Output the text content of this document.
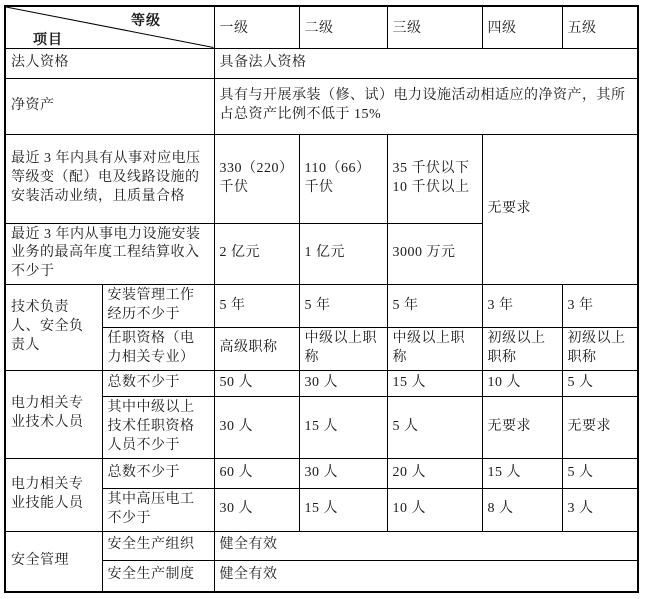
等级
项目		一级	二级	三级	四级	五级
法人资格		具备法人资格				
净资产		具有与开展承装（修、试）电力设施活动相适应的净资产，其所占总资产比例不低于 15%				
最近 3 年内具有从事对应电压等级变（配）电及线路设施的安装活动业绩，且质量合格		330（220）千伏	110（66）千伏	35 千伏以下 10 千伏以上	无要求	
最近 3 年内从事电力设施安装业务的最高年度工程结算收入不少于		2 亿元	1 亿元	3000 万元		
技术负责人、安全负责人	安装管理工作经历不少于	5 年	5 年	5 年	3 年	3 年
	任职资格（电力相关专业）	高级职称	中级以上职称	中级以上职称	初级以上职称	初级以上职称
电力相关专业技术人员	总数不少于	50 人	30 人	15 人	10 人	5 人
	其中中级以上技术任职资格人员不少于	30 人	15 人	5 人	无要求	无要求
电力相关专业技能人员	总数不少于	60 人	30 人	20 人	15 人	5 人
	其中高压电工不少于	30 人	15 人	10 人	8 人	3 人
安全管理	安全生产组织	健全有效				
	安全生产制度	健全有效				
